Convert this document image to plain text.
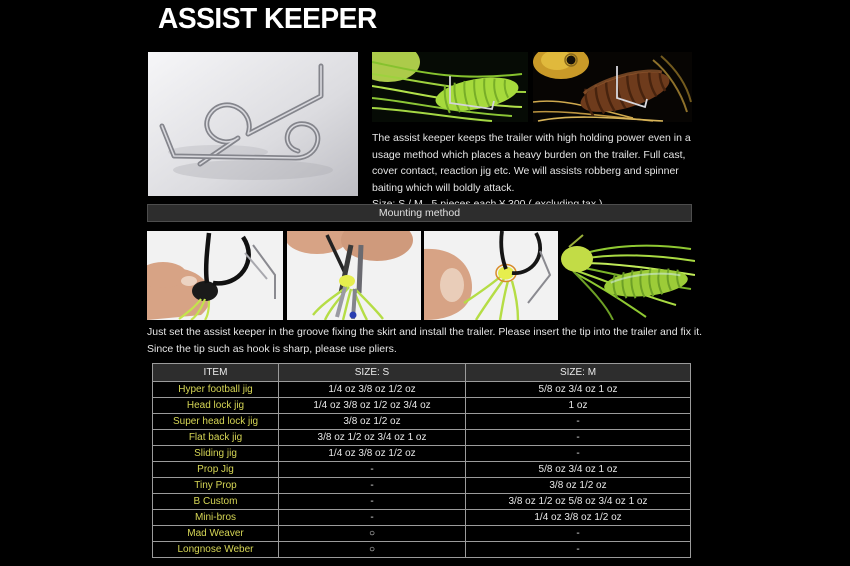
ASSIST KEEPER
The assist keeper keeps the trailer with high holding power even in a usage method which places a heavy burden on the trailer. Full cast, cover contact, reaction jig etc. We will assists robberg and spinner baiting which will boldly attack.
Mounting method
Just set the assist keeper in the groove fixing the skirt and install the trailer. Please insert the tip into the trailer and fix it.
Since the tip such as hook is sharp, please use pliers.
ITEM	SIZE: S	SIZE: M
Hyper football jig	1/4 oz 3/8 oz 1/2 oz	5/8 oz 3/4 oz 1 oz
Head lock jig	1/4 oz 3/8 oz 1/2 oz 3/4 oz	1 oz
Super head lock jig	3/8 oz 1/2 oz	-
Flat back jig	3/8 oz 1/2 oz 3/4 oz 1 oz	-
Sliding jig	1/4 oz 3/8 oz 1/2 oz	-
Prop Jig	-	5/8 oz 3/4 oz 1 oz
Tiny Prop	-	3/8 oz 1/2 oz
B Custom	-	3/8 oz 1/2 oz 5/8 oz 3/4 oz 1 oz
Mini-bros	-	1/4 oz 3/8 oz 1/2 oz
Mad Weaver	○	-
Longnose Weber	○	-
